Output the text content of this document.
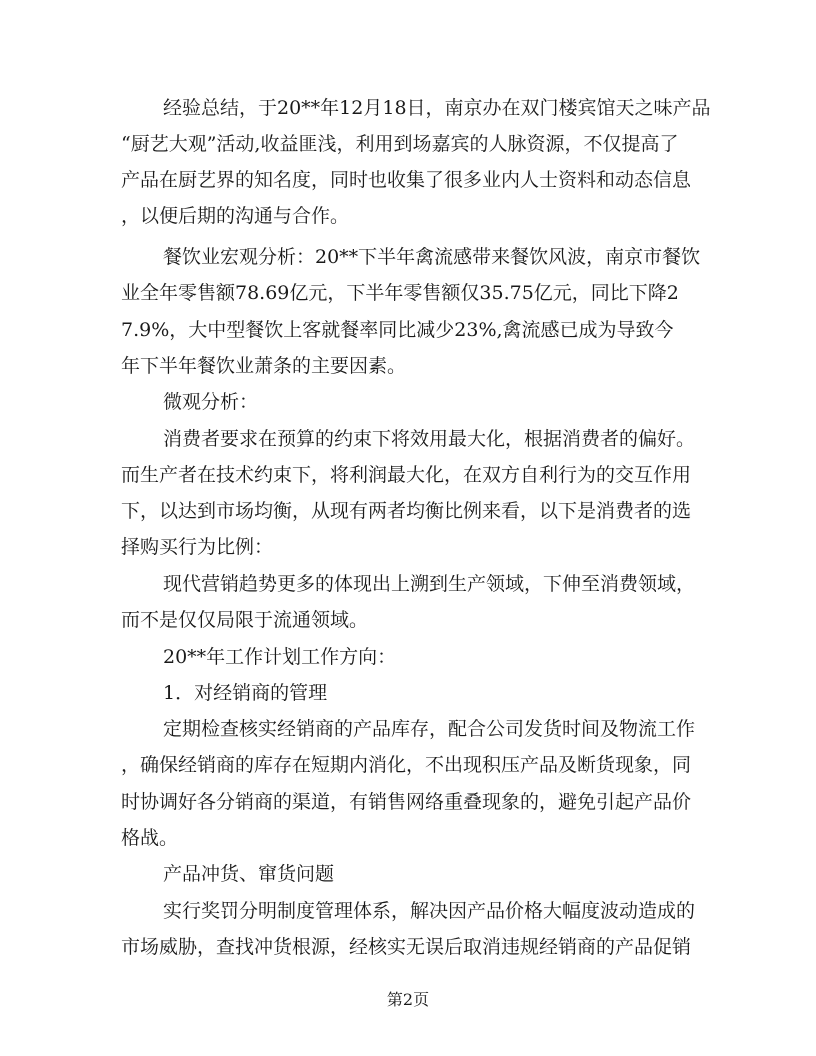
经验总结，于20**年12月18日，南京办在双门楼宾馆天之味产品
“厨艺大观”活动,收益匪浅，利用到场嘉宾的人脉资源，不仅提高了
产品在厨艺界的知名度，同时也收集了很多业内人士资料和动态信息
，以便后期的沟通与合作。
餐饮业宏观分析：20**下半年禽流感带来餐饮风波，南京市餐饮
业全年零售额78.69亿元，下半年零售额仅35.75亿元，同比下降2
7.9%，大中型餐饮上客就餐率同比减少23%,禽流感已成为导致今
年下半年餐饮业萧条的主要因素。
微观分析：
消费者要求在预算的约束下将效用最大化，根据消费者的偏好。
而生产者在技术约束下，将利润最大化，在双方自利行为的交互作用
下，以达到市场均衡，从现有两者均衡比例来看，以下是消费者的选
择购买行为比例：
现代营销趋势更多的体现出上溯到生产领域，下伸至消费领域，
而不是仅仅局限于流通领域。
20**年工作计划工作方向：
1．对经销商的管理
定期检查核实经销商的产品库存，配合公司发货时间及物流工作
，确保经销商的库存在短期内消化，不出现积压产品及断货现象，同
时协调好各分销商的渠道，有销售网络重叠现象的，避免引起产品价
格战。
产品冲货、窜货问题
实行奖罚分明制度管理体系，解决因产品价格大幅度波动造成的
市场威胁，查找冲货根源，经核实无误后取消违规经销商的产品促销
第2页
